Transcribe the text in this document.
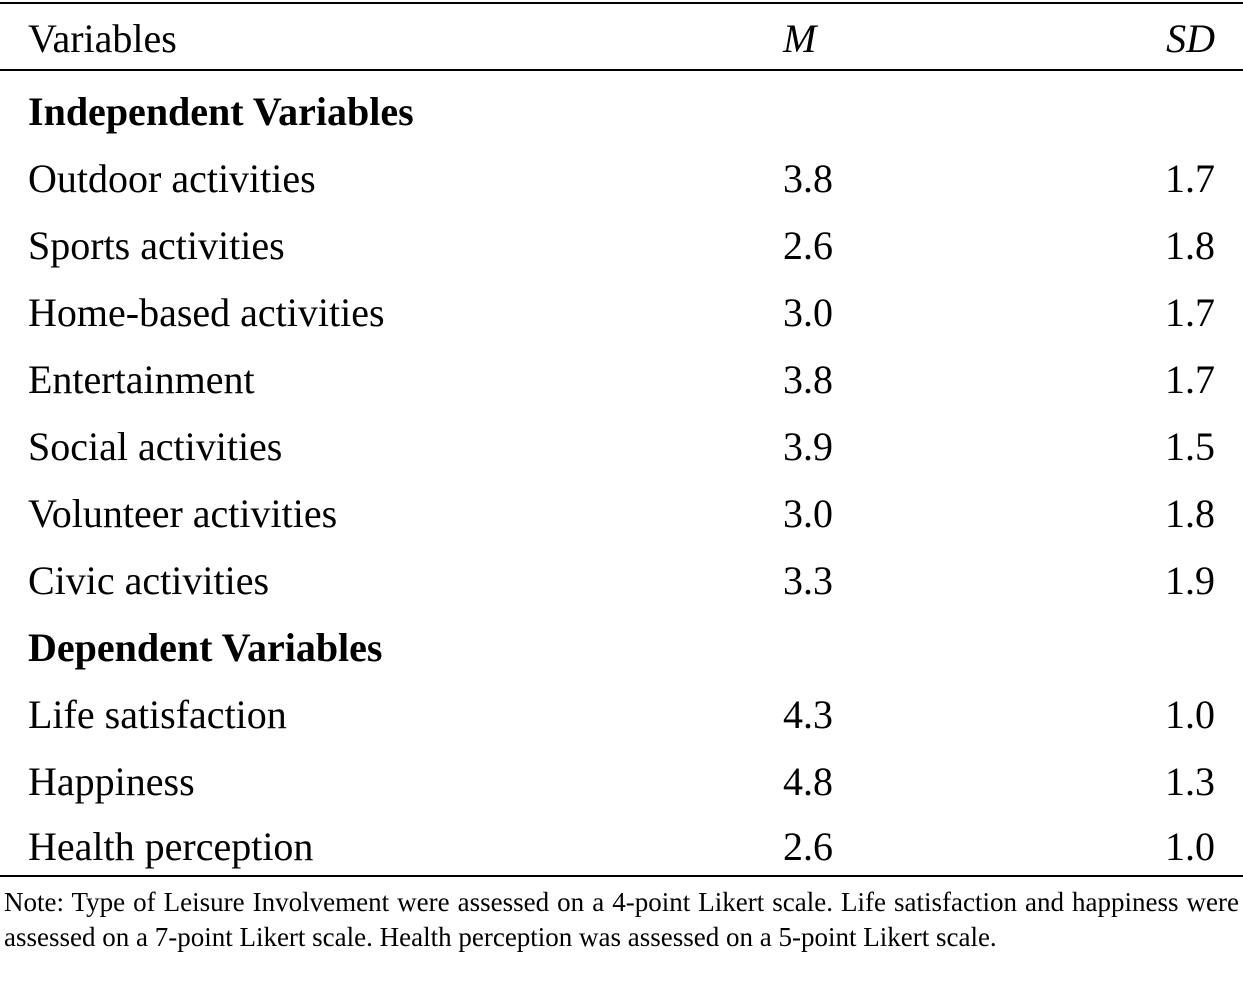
Variables	M	SD
Independent Variables
Outdoor activities	3.8	1.7
Sports activities	2.6	1.8
Home-based activities	3.0	1.7
Entertainment	3.8	1.7
Social activities	3.9	1.5
Volunteer activities	3.0	1.8
Civic activities	3.3	1.9
Dependent Variables
Life satisfaction	4.3	1.0
Happiness	4.8	1.3
Health perception	2.6	1.0
Note: Type of Leisure Involvement were assessed on a 4-point Likert scale. Life satisfaction and happiness were assessed on a 7-point Likert scale. Health perception was assessed on a 5-point Likert scale.
